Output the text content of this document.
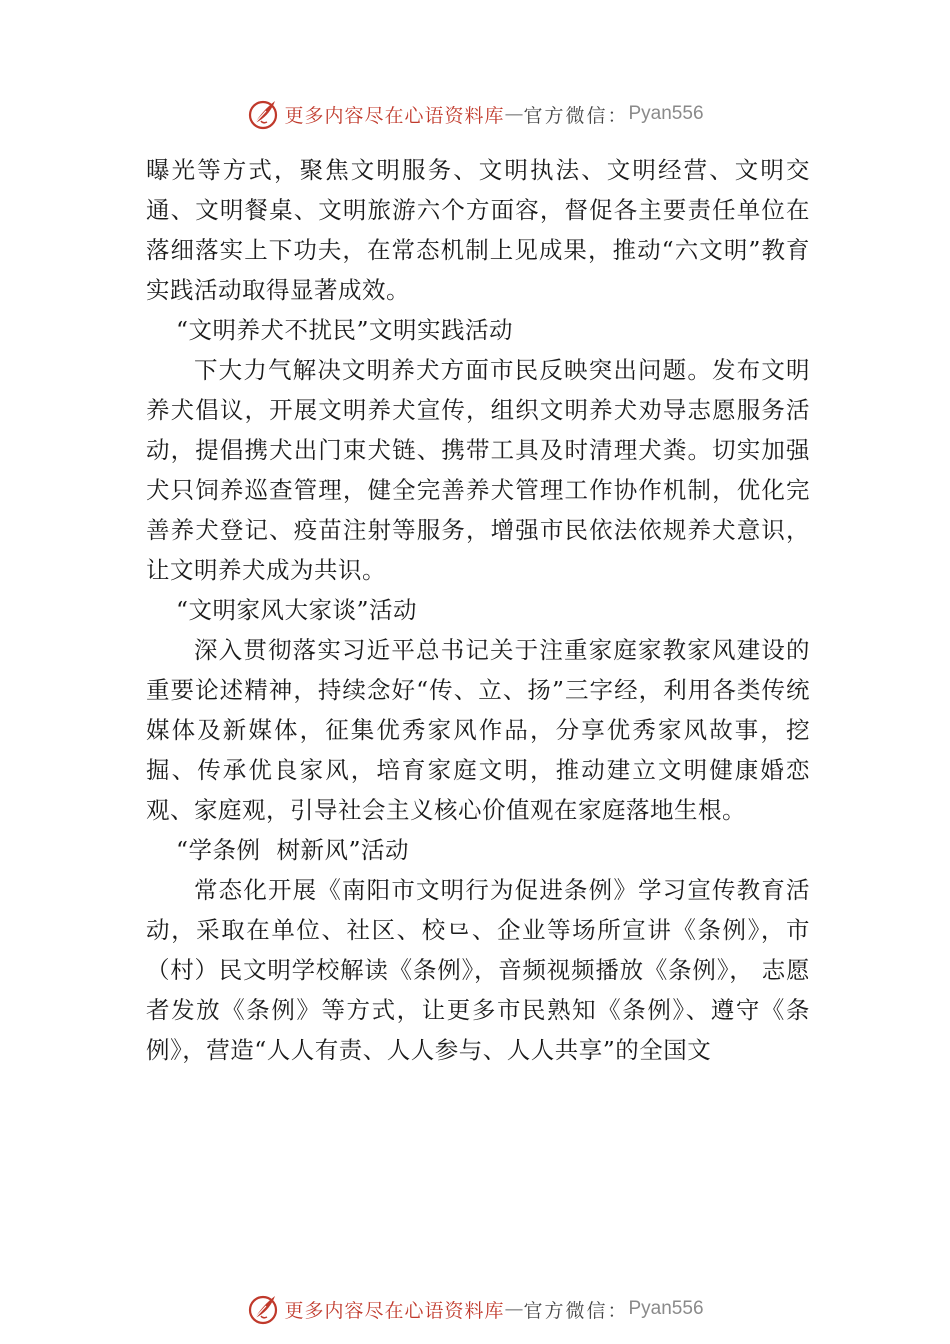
更多内容尽在心语资料库 — 官方微信： Pyan556

曝光等方式，聚焦文明服务、文明执法、文明经营、文明交通、文明餐桌、文明旅游六个方面容，督促各主要责任单位在落细落实上下功夫，在常态机制上见成果，推动“六文明”教育实践活动取得显著成效。

“文明养犬不扰民”文明实践活动

下大力气解决文明养犬方面市民反映突出问题。发布文明养犬倡议，开展文明养犬宣传，组织文明养犬劝导志愿服务活动，提倡携犬出门束犬链、携带工具及时清理犬粪。切实加强犬只饲养巡查管理，健全完善养犬管理工作协作机制，优化完善养犬登记、疫苗注射等服务，增强市民依法依规养犬意识，让文明养犬成为共识。

“文明家风大家谈”活动

深入贯彻落实习近平总书记关于注重家庭家教家风建设的重要论述精神，持续念好“传、立、扬”三字经，利用各类传统媒体及新媒体，征集优秀家风作品，分享优秀家风故事，挖掘、传承优良家风，培育家庭文明，推动建立文明健康婚恋观、家庭观，引导社会主义核心价值观在家庭落地生根。

“学条例  树新风”活动

常态化开展《南阳市文明行为促进条例》学习宣传教育活动，采取在单位、社区、校⺋、企业等场所宣讲《条例》，市（村）民文明学校解读《条例》，音频视频播放《条例》， 志愿者发放《条例》等方式，让更多市民熟知《条例》、遵守《条例》，营造“人人有责、人人参与、人人共享”的全国文

更多内容尽在心语资料库 — 官方微信： Pyan556
